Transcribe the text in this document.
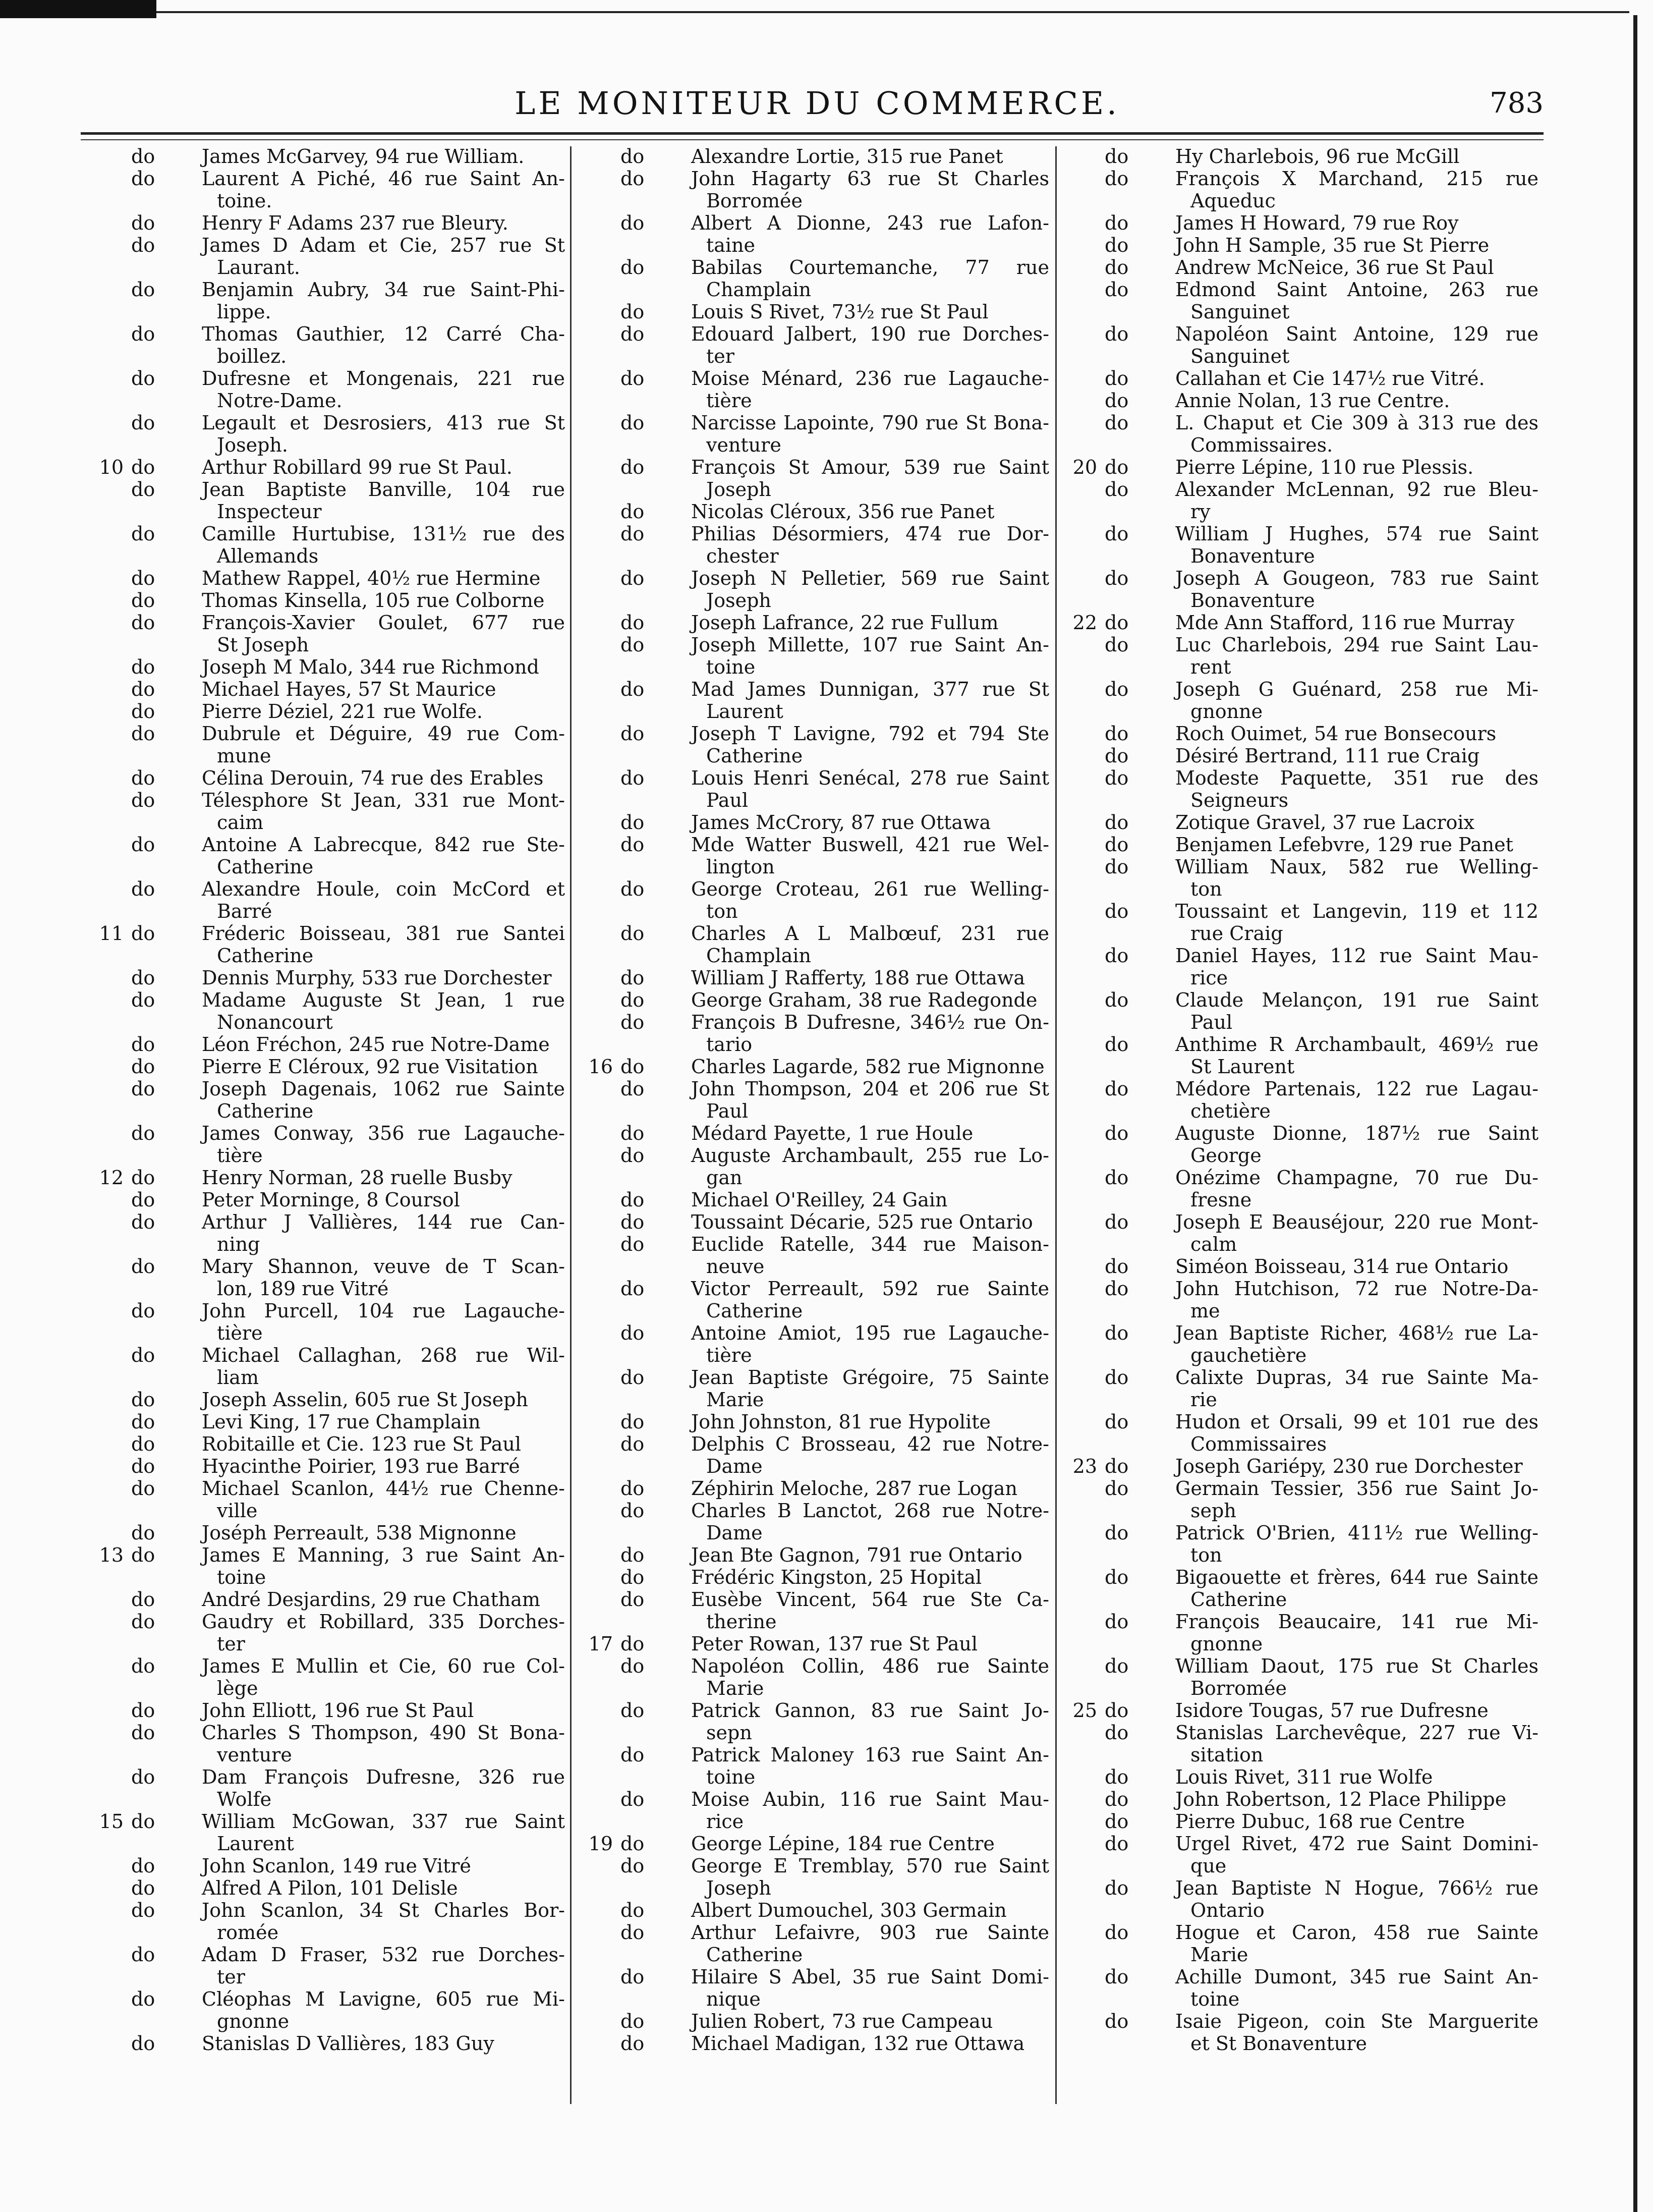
LE MONITEUR DU COMMERCE.	783
do	James McGarvey, 94 rue William.
do	Laurent A Piché, 46 rue Saint An-
toine.
do	Henry F Adams 237 rue Bleury.
do	James D Adam et Cie, 257 rue St
Laurant.
do	Benjamin Aubry, 34 rue Saint-Phi-
lippe.
do	Thomas Gauthier, 12 Carré Cha-
boillez.
do	Dufresne et Mongenais, 221 rue
Notre-Dame.
do	Legault et Desrosiers, 413 rue St
Joseph.
10 do	Arthur Robillard 99 rue St Paul.
do	Jean Baptiste Banville, 104 rue
Inspecteur
do	Camille Hurtubise, 131½ rue des
Allemands
do	Mathew Rappel, 40½ rue Hermine
do	Thomas Kinsella, 105 rue Colborne
do	François-Xavier Goulet, 677 rue
St Joseph
do	Joseph M Malo, 344 rue Richmond
do	Michael Hayes, 57 St Maurice
do	Pierre Déziel, 221 rue Wolfe.
do	Dubrule et Déguire, 49 rue Com-
mune
do	Célina Derouin, 74 rue des Erables
do	Télesphore St Jean, 331 rue Mont-
caim
do	Antoine A Labrecque, 842 rue Ste-
Catherine
do	Alexandre Houle, coin McCord et
Barré
11 do	Fréderic Boisseau, 381 rue Santei
Catherine
do	Dennis Murphy, 533 rue Dorchester
do	Madame Auguste St Jean, 1 rue
Nonancourt
do	Léon Fréchon, 245 rue Notre-Dame
do	Pierre E Cléroux, 92 rue Visitation
do	Joseph Dagenais, 1062 rue Sainte
Catherine
do	James Conway, 356 rue Lagauche-
tière
12 do	Henry Norman, 28 ruelle Busby
do	Peter Morninge, 8 Coursol
do	Arthur J Vallières, 144 rue Can-
ning
do	Mary Shannon, veuve de T Scan-
lon, 189 rue Vitré
do	John Purcell, 104 rue Lagauche-
tière
do	Michael Callaghan, 268 rue Wil-
liam
do	Joseph Asselin, 605 rue St Joseph
do	Levi King, 17 rue Champlain
do	Robitaille et Cie. 123 rue St Paul
do	Hyacinthe Poirier, 193 rue Barré
do	Michael Scanlon, 44½ rue Chenne-
ville
do	Joséph Perreault, 538 Mignonne
13 do	James E Manning, 3 rue Saint An-
toine
do	André Desjardins, 29 rue Chatham
do	Gaudry et Robillard, 335 Dorches-
ter
do	James E Mullin et Cie, 60 rue Col-
lège
do	John Elliott, 196 rue St Paul
do	Charles S Thompson, 490 St Bona-
venture
do	Dam François Dufresne, 326 rue
Wolfe
15 do	William McGowan, 337 rue Saint
Laurent
do	John Scanlon, 149 rue Vitré
do	Alfred A Pilon, 101 Delisle
do	John Scanlon, 34 St Charles Bor-
romée
do	Adam D Fraser, 532 rue Dorches-
ter
do	Cléophas M Lavigne, 605 rue Mi-
gnonne
do	Stanislas D Vallières, 183 Guy
do	Alexandre Lortie, 315 rue Panet
do	John Hagarty 63 rue St Charles
Borromée
do	Albert A Dionne, 243 rue Lafon-
taine
do	Babilas Courtemanche, 77 rue
Champlain
do	Louis S Rivet, 73½ rue St Paul
do	Edouard Jalbert, 190 rue Dorches-
ter
do	Moise Ménard, 236 rue Lagauche-
tière
do	Narcisse Lapointe, 790 rue St Bona-
venture
do	François St Amour, 539 rue Saint
Joseph
do	Nicolas Cléroux, 356 rue Panet
do	Philias Désormiers, 474 rue Dor-
chester
do	Joseph N Pelletier, 569 rue Saint
Joseph
do	Joseph Lafrance, 22 rue Fullum
do	Joseph Millette, 107 rue Saint An-
toine
do	Mad James Dunnigan, 377 rue St
Laurent
do	Joseph T Lavigne, 792 et 794 Ste
Catherine
do	Louis Henri Senécal, 278 rue Saint
Paul
do	James McCrory, 87 rue Ottawa
do	Mde Watter Buswell, 421 rue Wel-
lington
do	George Croteau, 261 rue Welling-
ton
do	Charles A L Malbœuf, 231 rue
Champlain
do	William J Rafferty, 188 rue Ottawa
do	George Graham, 38 rue Radegonde
do	François B Dufresne, 346½ rue On-
tario
16 do	Charles Lagarde, 582 rue Mignonne
do	John Thompson, 204 et 206 rue St
Paul
do	Médard Payette, 1 rue Houle
do	Auguste Archambault, 255 rue Lo-
gan
do	Michael O'Reilley, 24 Gain
do	Toussaint Décarie, 525 rue Ontario
do	Euclide Ratelle, 344 rue Maison-
neuve
do	Victor Perreault, 592 rue Sainte
Catherine
do	Antoine Amiot, 195 rue Lagauche-
tière
do	Jean Baptiste Grégoire, 75 Sainte
Marie
do	John Johnston, 81 rue Hypolite
do	Delphis C Brosseau, 42 rue Notre-
Dame
do	Zéphirin Meloche, 287 rue Logan
do	Charles B Lanctot, 268 rue Notre-
Dame
do	Jean Bte Gagnon, 791 rue Ontario
do	Frédéric Kingston, 25 Hopital
do	Eusèbe Vincent, 564 rue Ste Ca-
therine
17 do	Peter Rowan, 137 rue St Paul
do	Napoléon Collin, 486 rue Sainte
Marie
do	Patrick Gannon, 83 rue Saint Jo-
sepn
do	Patrick Maloney 163 rue Saint An-
toine
do	Moise Aubin, 116 rue Saint Mau-
rice
19 do	George Lépine, 184 rue Centre
do	George E Tremblay, 570 rue Saint
Joseph
do	Albert Dumouchel, 303 Germain
do	Arthur Lefaivre, 903 rue Sainte
Catherine
do	Hilaire S Abel, 35 rue Saint Domi-
nique
do	Julien Robert, 73 rue Campeau
do	Michael Madigan, 132 rue Ottawa
do	Hy Charlebois, 96 rue McGill
do	François X Marchand, 215 rue
Aqueduc
do	James H Howard, 79 rue Roy
do	John H Sample, 35 rue St Pierre
do	Andrew McNeice, 36 rue St Paul
do	Edmond Saint Antoine, 263 rue
Sanguinet
do	Napoléon Saint Antoine, 129 rue
Sanguinet
do	Callahan et Cie 147½ rue Vitré.
do	Annie Nolan, 13 rue Centre.
do	L. Chaput et Cie 309 à 313 rue des
Commissaires.
20 do	Pierre Lépine, 110 rue Plessis.
do	Alexander McLennan, 92 rue Bleu-
ry
do	William J Hughes, 574 rue Saint
Bonaventure
do	Joseph A Gougeon, 783 rue Saint
Bonaventure
22 do	Mde Ann Stafford, 116 rue Murray
do	Luc Charlebois, 294 rue Saint Lau-
rent
do	Joseph G Guénard, 258 rue Mi-
gnonne
do	Roch Ouimet, 54 rue Bonsecours
do	Désiré Bertrand, 111 rue Craig
do	Modeste Paquette, 351 rue des
Seigneurs
do	Zotique Gravel, 37 rue Lacroix
do	Benjamen Lefebvre, 129 rue Panet
do	William Naux, 582 rue Welling-
ton
do	Toussaint et Langevin, 119 et 112
rue Craig
do	Daniel Hayes, 112 rue Saint Mau-
rice
do	Claude Melançon, 191 rue Saint
Paul
do	Anthime R Archambault, 469½ rue
St Laurent
do	Médore Partenais, 122 rue Lagau-
chetière
do	Auguste Dionne, 187½ rue Saint
George
do	Onézime Champagne, 70 rue Du-
fresne
do	Joseph E Beauséjour, 220 rue Mont-
calm
do	Siméon Boisseau, 314 rue Ontario
do	John Hutchison, 72 rue Notre-Da-
me
do	Jean Baptiste Richer, 468½ rue La-
gauchetière
do	Calixte Dupras, 34 rue Sainte Ma-
rie
do	Hudon et Orsali, 99 et 101 rue des
Commissaires
23 do	Joseph Gariépy, 230 rue Dorchester
do	Germain Tessier, 356 rue Saint Jo-
seph
do	Patrick O'Brien, 411½ rue Welling-
ton
do	Bigaouette et frères, 644 rue Sainte
Catherine
do	François Beaucaire, 141 rue Mi-
gnonne
do	William Daout, 175 rue St Charles
Borromée
25 do	Isidore Tougas, 57 rue Dufresne
do	Stanislas Larchevêque, 227 rue Vi-
sitation
do	Louis Rivet, 311 rue Wolfe
do	John Robertson, 12 Place Philippe
do	Pierre Dubuc, 168 rue Centre
do	Urgel Rivet, 472 rue Saint Domini-
que
do	Jean Baptiste N Hogue, 766½ rue
Ontario
do	Hogue et Caron, 458 rue Sainte
Marie
do	Achille Dumont, 345 rue Saint An-
toine
do	Isaie Pigeon, coin Ste Marguerite
et St Bonaventure
